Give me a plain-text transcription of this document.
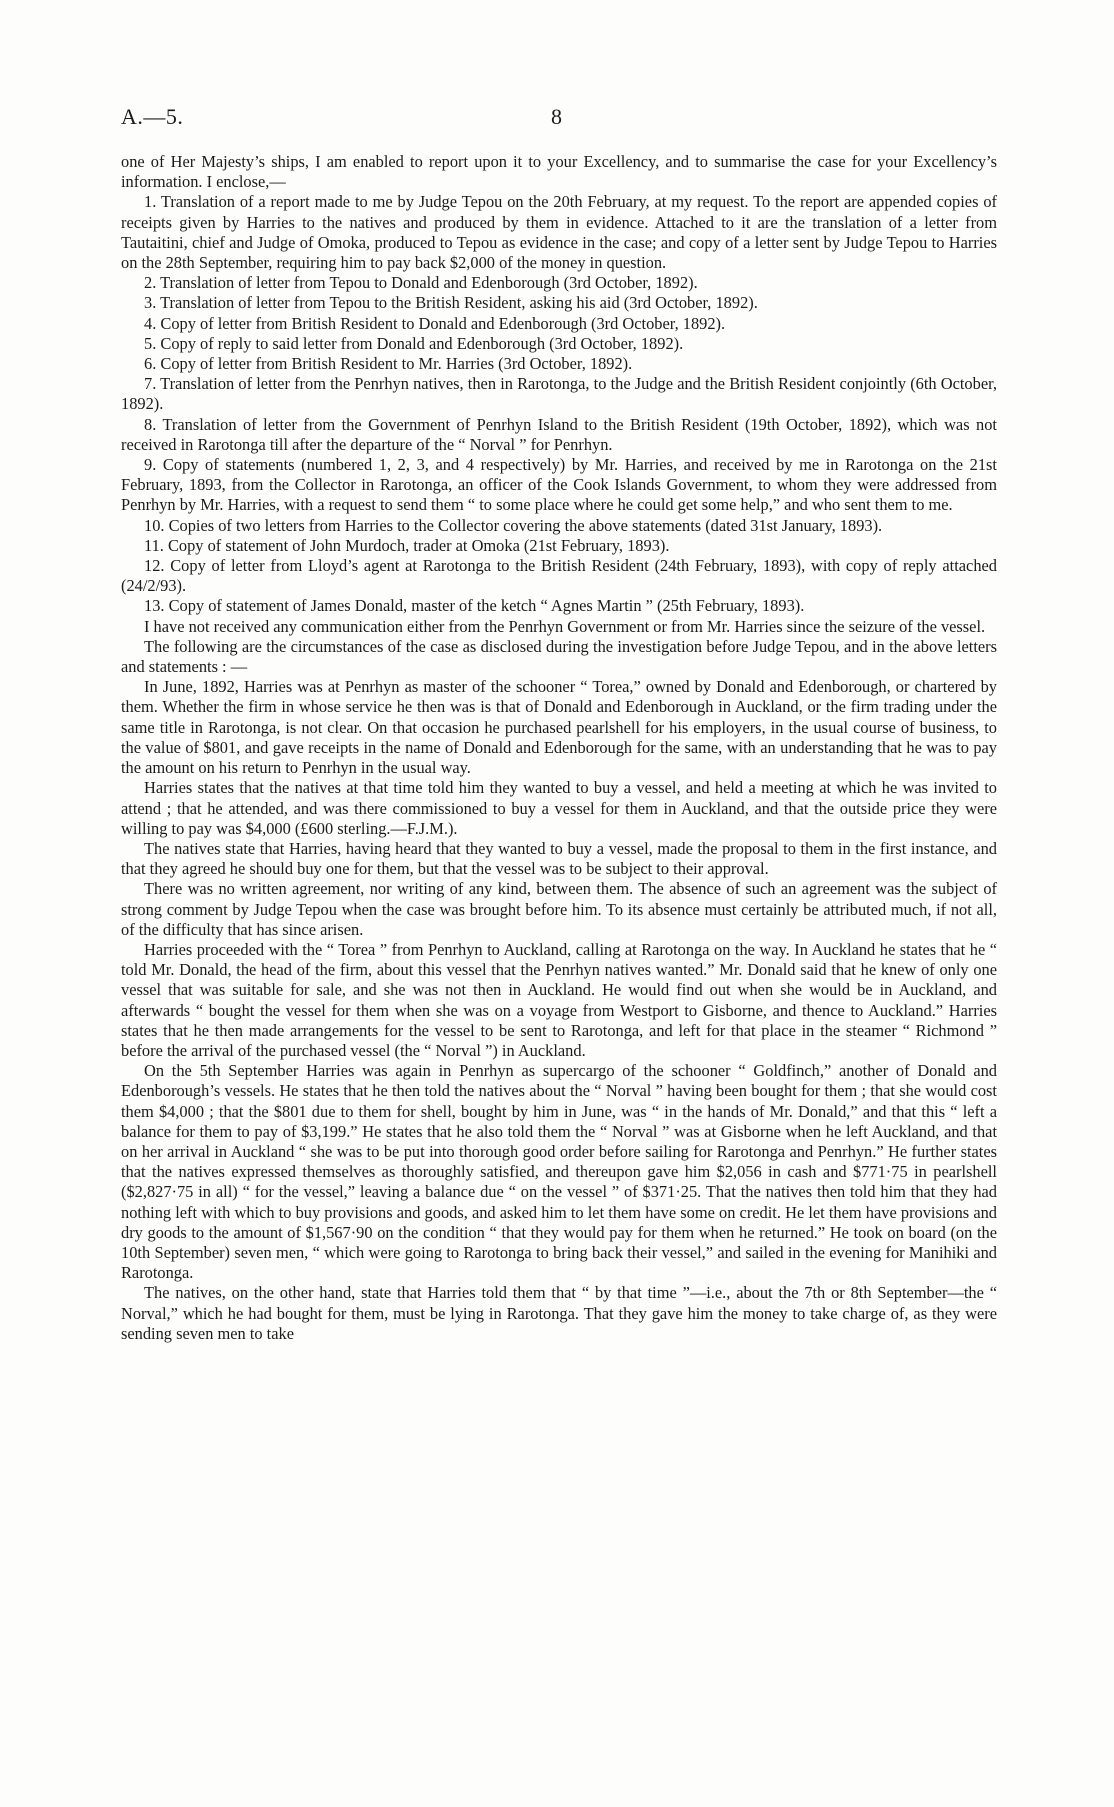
A.—5.	8

one of Her Majesty’s ships, I am enabled to report upon it to your Excellency, and to summarise the case for your Excellency’s information. I enclose,—

1. Translation of a report made to me by Judge Tepou on the 20th February, at my request. To the report are appended copies of receipts given by Harries to the natives and produced by them in evidence. Attached to it are the translation of a letter from Tautaitini, chief and Judge of Omoka, produced to Tepou as evidence in the case; and copy of a letter sent by Judge Tepou to Harries on the 28th September, requiring him to pay back $2,000 of the money in question.

2. Translation of letter from Tepou to Donald and Edenborough (3rd October, 1892).

3. Translation of letter from Tepou to the British Resident, asking his aid (3rd October, 1892).

4. Copy of letter from British Resident to Donald and Edenborough (3rd October, 1892).

5. Copy of reply to said letter from Donald and Edenborough (3rd October, 1892).

6. Copy of letter from British Resident to Mr. Harries (3rd October, 1892).

7. Translation of letter from the Penrhyn natives, then in Rarotonga, to the Judge and the British Resident conjointly (6th October, 1892).

8. Translation of letter from the Government of Penrhyn Island to the British Resident (19th October, 1892), which was not received in Rarotonga till after the departure of the “ Norval ” for Penrhyn.

9. Copy of statements (numbered 1, 2, 3, and 4 respectively) by Mr. Harries, and received by me in Rarotonga on the 21st February, 1893, from the Collector in Rarotonga, an officer of the Cook Islands Government, to whom they were addressed from Penrhyn by Mr. Harries, with a request to send them “ to some place where he could get some help,” and who sent them to me.

10. Copies of two letters from Harries to the Collector covering the above statements (dated 31st January, 1893).

11. Copy of statement of John Murdoch, trader at Omoka (21st February, 1893).

12. Copy of letter from Lloyd’s agent at Rarotonga to the British Resident (24th February, 1893), with copy of reply attached (24/2/93).

13. Copy of statement of James Donald, master of the ketch “ Agnes Martin ” (25th February, 1893).

I have not received any communication either from the Penrhyn Government or from Mr. Harries since the seizure of the vessel.

The following are the circumstances of the case as disclosed during the investigation before Judge Tepou, and in the above letters and statements : —

In June, 1892, Harries was at Penrhyn as master of the schooner “ Torea,” owned by Donald and Edenborough, or chartered by them. Whether the firm in whose service he then was is that of Donald and Edenborough in Auckland, or the firm trading under the same title in Rarotonga, is not clear. On that occasion he purchased pearlshell for his employers, in the usual course of business, to the value of $801, and gave receipts in the name of Donald and Edenborough for the same, with an understanding that he was to pay the amount on his return to Penrhyn in the usual way.

Harries states that the natives at that time told him they wanted to buy a vessel, and held a meeting at which he was invited to attend ; that he attended, and was there commissioned to buy a vessel for them in Auckland, and that the outside price they were willing to pay was $4,000 (£600 sterling.—F.J.M.).

The natives state that Harries, having heard that they wanted to buy a vessel, made the proposal to them in the first instance, and that they agreed he should buy one for them, but that the vessel was to be subject to their approval.

There was no written agreement, nor writing of any kind, between them. The absence of such an agreement was the subject of strong comment by Judge Tepou when the case was brought before him. To its absence must certainly be attributed much, if not all, of the difficulty that has since arisen.

Harries proceeded with the “ Torea ” from Penrhyn to Auckland, calling at Rarotonga on the way. In Auckland he states that he “ told Mr. Donald, the head of the firm, about this vessel that the Penrhyn natives wanted.” Mr. Donald said that he knew of only one vessel that was suitable for sale, and she was not then in Auckland. He would find out when she would be in Auckland, and afterwards “ bought the vessel for them when she was on a voyage from Westport to Gisborne, and thence to Auckland.” Harries states that he then made arrangements for the vessel to be sent to Rarotonga, and left for that place in the steamer “ Richmond ” before the arrival of the purchased vessel (the “ Norval ”) in Auckland.

On the 5th September Harries was again in Penrhyn as supercargo of the schooner “ Goldfinch,” another of Donald and Edenborough’s vessels. He states that he then told the natives about the “ Norval ” having been bought for them ; that she would cost them $4,000 ; that the $801 due to them for shell, bought by him in June, was “ in the hands of Mr. Donald,” and that this “ left a balance for them to pay of $3,199.” He states that he also told them the “ Norval ” was at Gisborne when he left Auckland, and that on her arrival in Auckland “ she was to be put into thorough good order before sailing for Rarotonga and Penrhyn.” He further states that the natives expressed themselves as thoroughly satisfied, and thereupon gave him $2,056 in cash and $771·75 in pearlshell ($2,827·75 in all) “ for the vessel,” leaving a balance due “ on the vessel ” of $371·25. That the natives then told him that they had nothing left with which to buy provisions and goods, and asked him to let them have some on credit. He let them have provisions and dry goods to the amount of $1,567·90 on the condition “ that they would pay for them when he returned.” He took on board (on the 10th September) seven men, “ which were going to Rarotonga to bring back their vessel,” and sailed in the evening for Manihiki and Rarotonga.

The natives, on the other hand, state that Harries told them that “ by that time ”—i.e., about the 7th or 8th September—the “ Norval,” which he had bought for them, must be lying in Rarotonga. That they gave him the money to take charge of, as they were sending seven men to take
